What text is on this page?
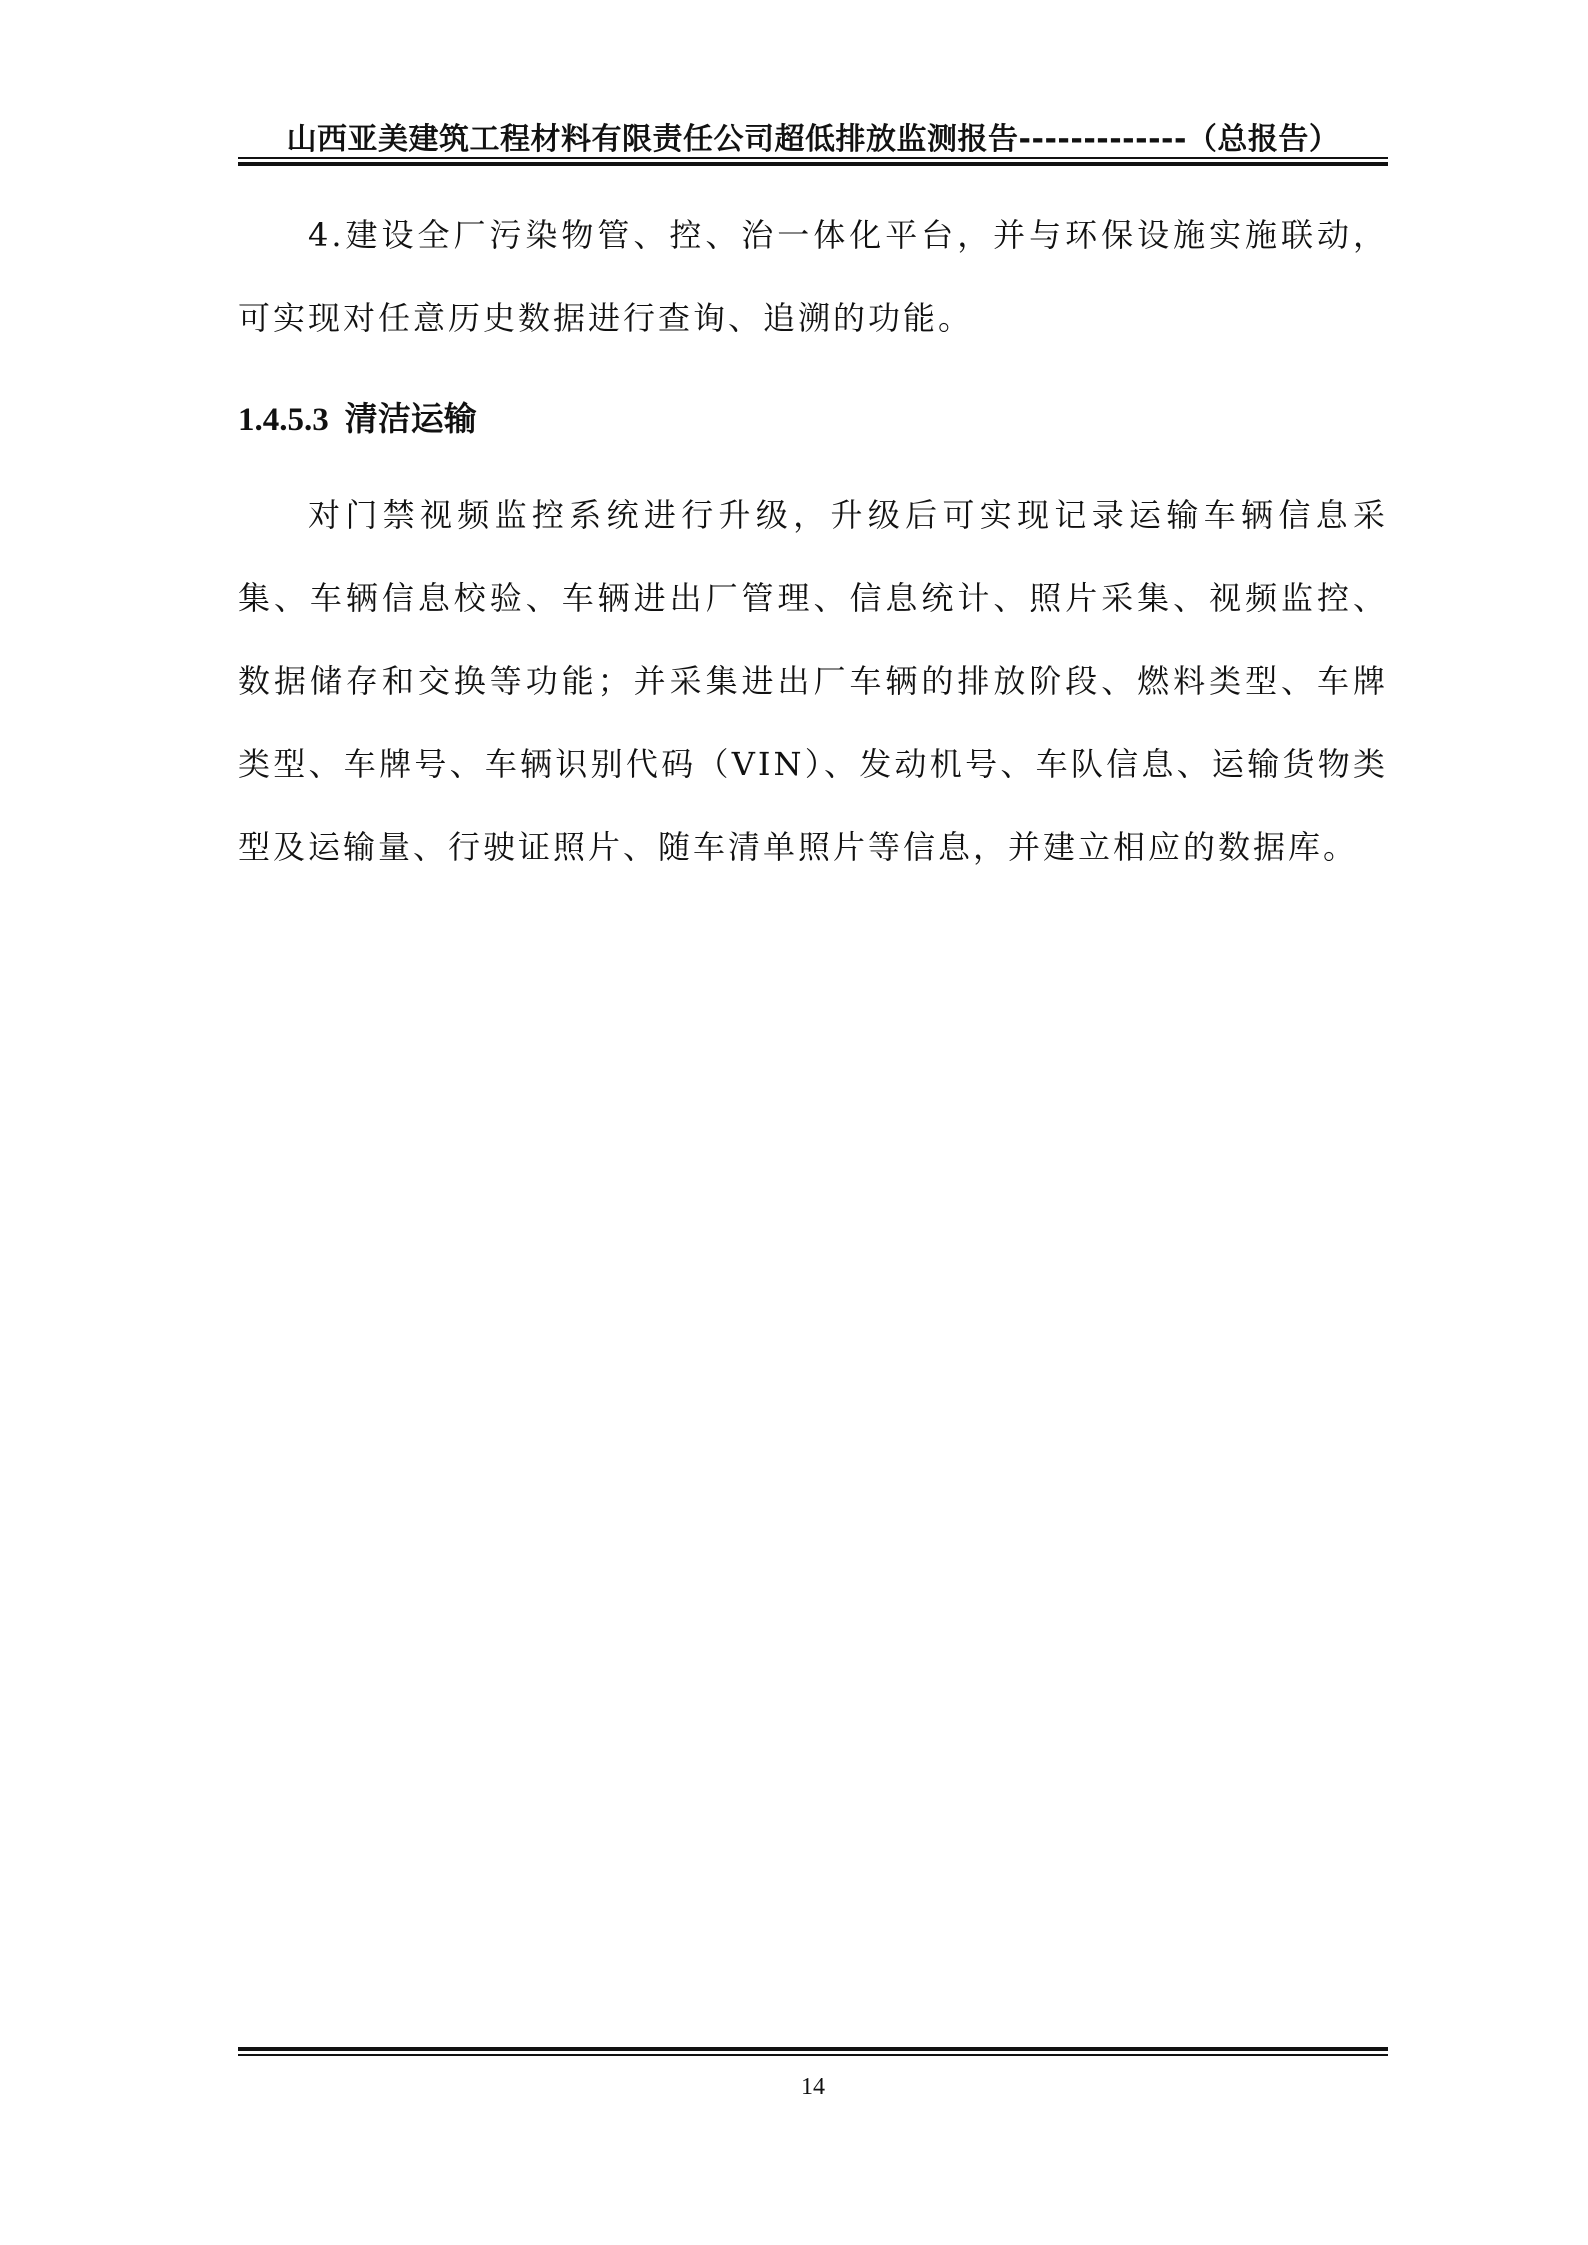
山西亚美建筑工程材料有限责任公司超低排放监测报告-------------（总报告）

4.建设全厂污染物管、控、治一体化平台，并与环保设施实施联动，可实现对任意历史数据进行查询、追溯的功能。

1.4.5.3 清洁运输

对门禁视频监控系统进行升级，升级后可实现记录运输车辆信息采集、车辆信息校验、车辆进出厂管理、信息统计、照片采集、视频监控、数据储存和交换等功能；并采集进出厂车辆的排放阶段、燃料类型、车牌类型、车牌号、车辆识别代码（VIN）、发动机号、车队信息、运输货物类型及运输量、行驶证照片、随车清单照片等信息，并建立相应的数据库。

14
